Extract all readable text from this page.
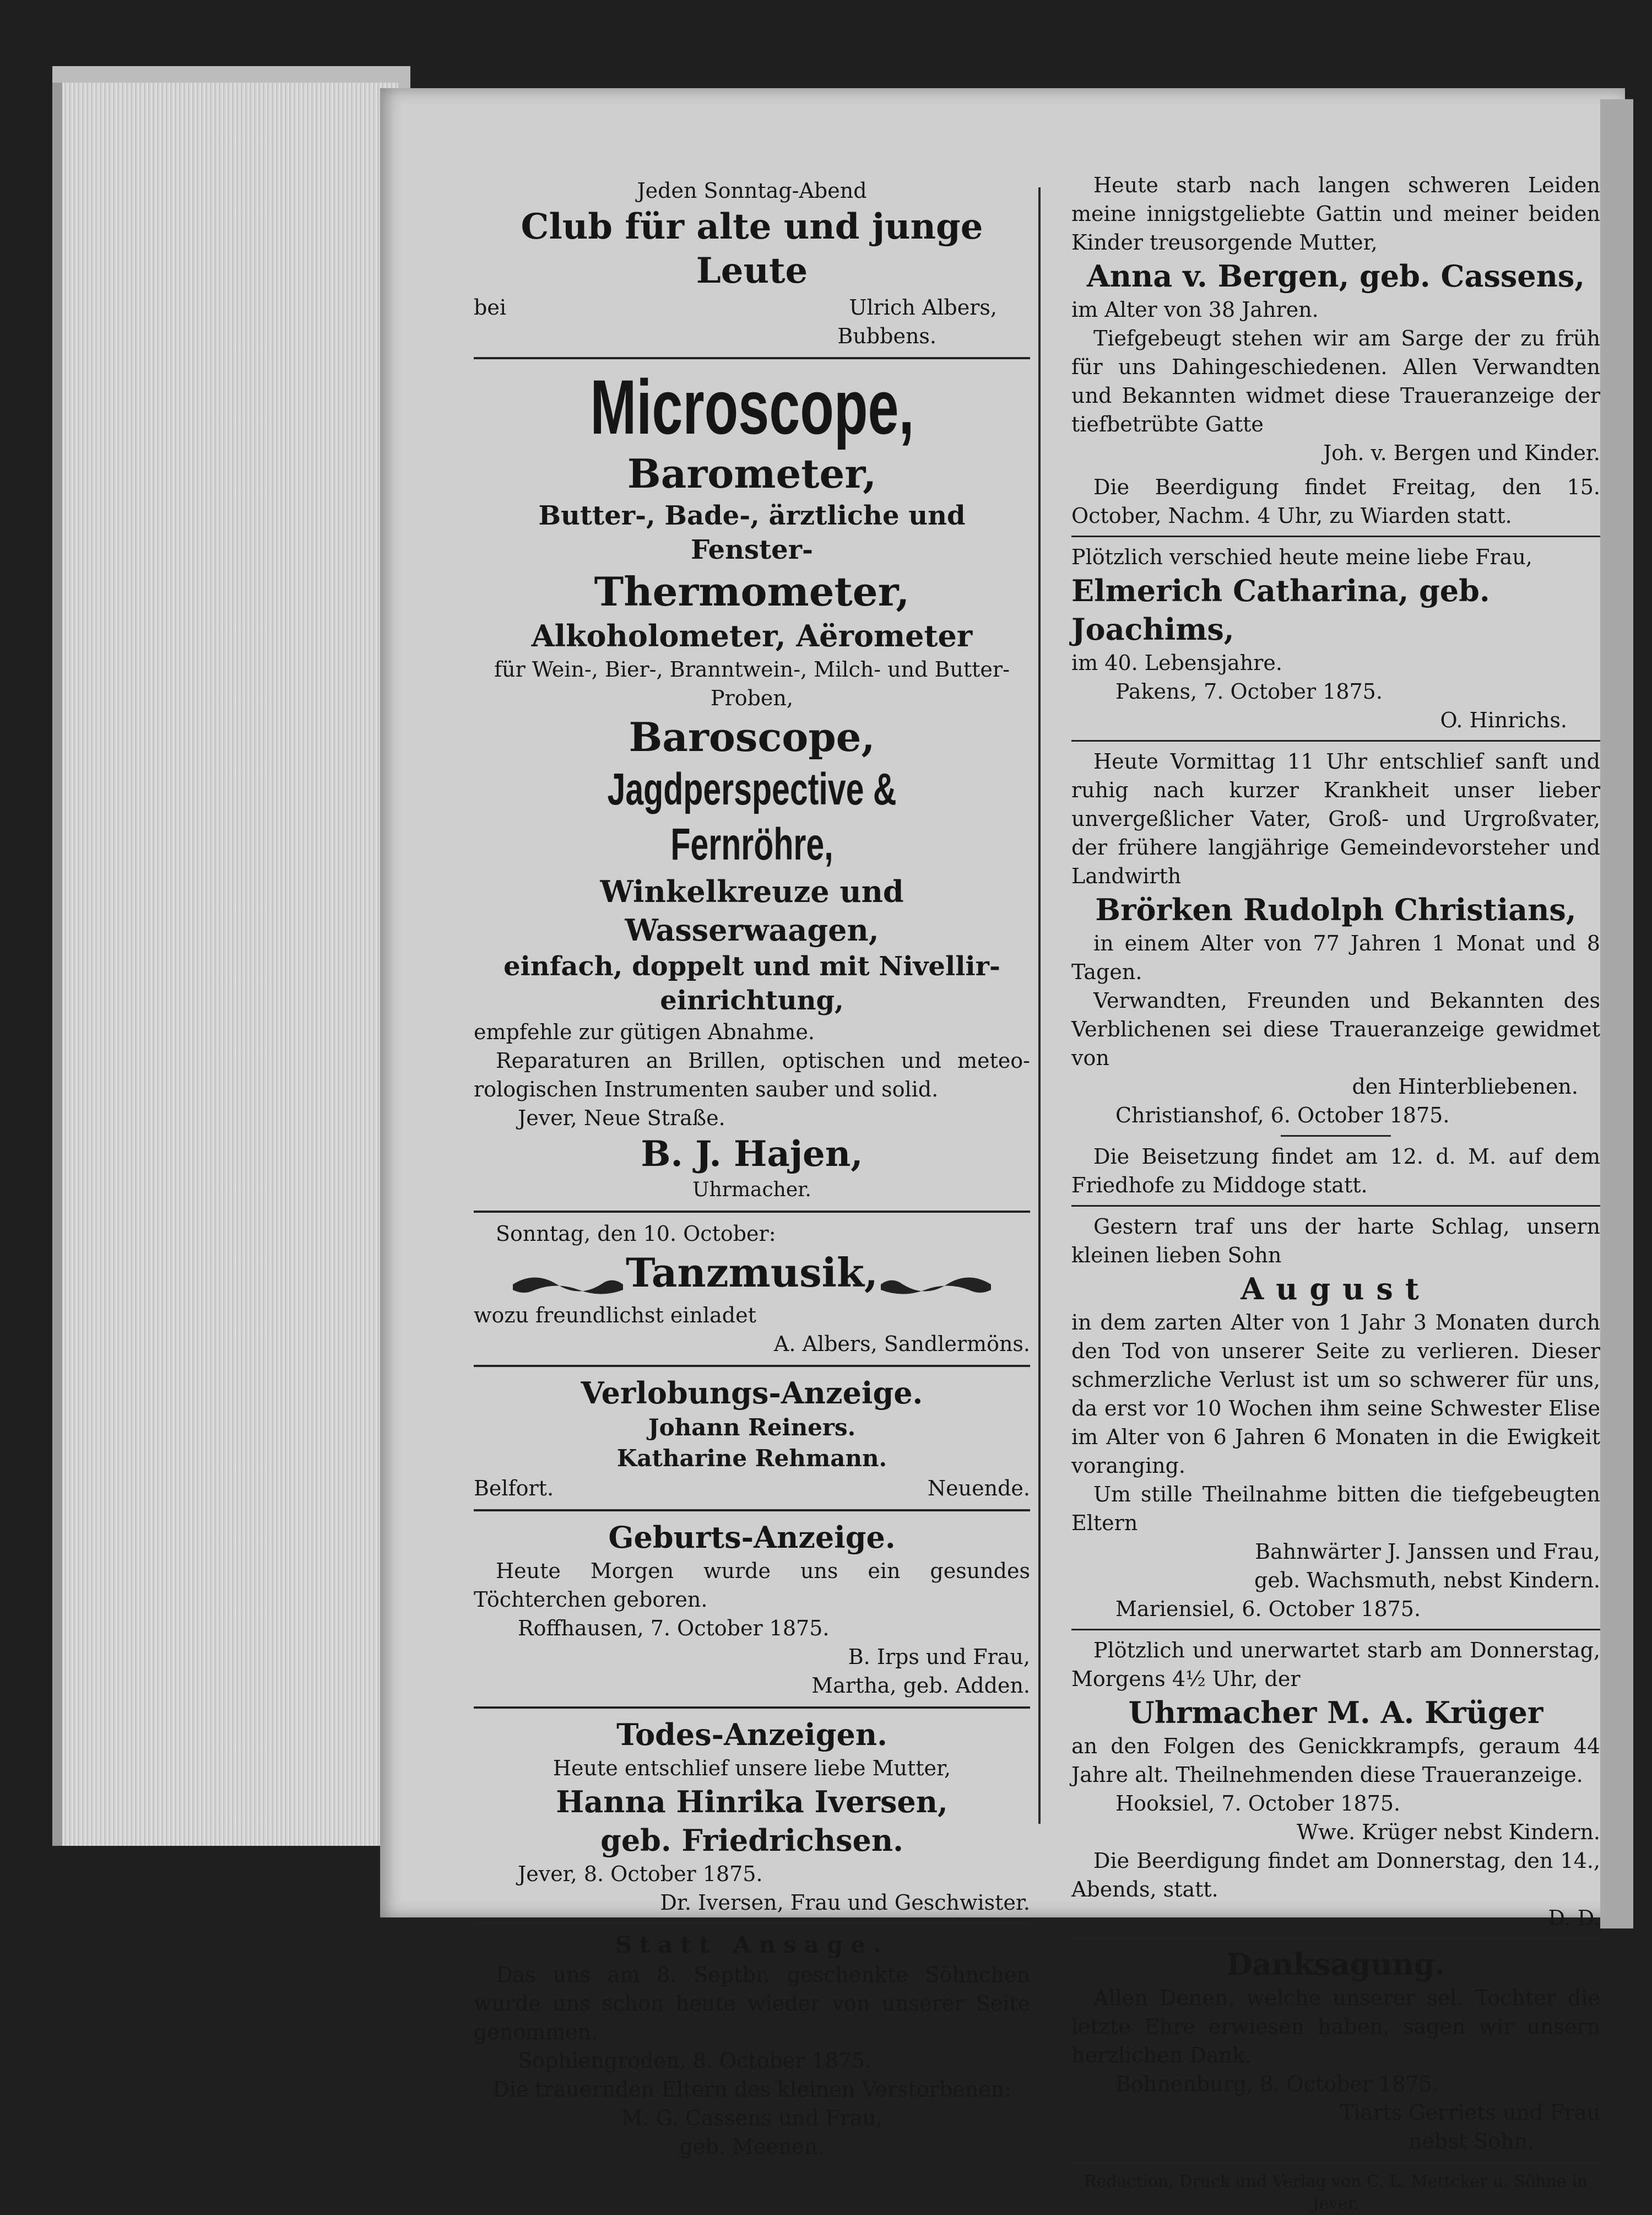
Jeden Sonntag-Abend

Club für alte und junge Leute

bei	Ulrich Albers,

Bubbens.

Microscope,

Barometer,

Butter-, Bade-, ärztliche und Fenster-

Thermometer,

Alkoholometer, Aërometer

für Wein-, Bier-, Branntwein-, Milch- und Butter-

Proben,

Baroscope,

Jagdperspective & Fernröhre,

Winkelkreuze und Wasserwaagen,

einfach, doppelt und mit Nivellir-

einrichtung,

empfehle zur gütigen Abnahme.

Reparaturen an Brillen, optischen und meteo-rologischen Instrumenten sauber und solid.

Jever, Neue Straße.

B. J. Hajen,

Uhrmacher.

Sonntag, den 10. October:

Tanzmusik,

wozu freundlichst einladet

A. Albers, Sandlermöns.

Verlobungs-Anzeige.

Johann Reiners.

Katharine Rehmann.

Belfort.	Neuende.

Geburts-Anzeige.

Heute Morgen wurde uns ein gesundes Töchterchen geboren.

Roffhausen, 7. October 1875.

B. Irps und Frau,

Martha, geb. Adden.

Todes-Anzeigen.

Heute entschlief unsere liebe Mutter,

Hanna Hinrika Iversen,

geb. Friedrichsen.

Jever, 8. October 1875.

Dr. Iversen, Frau und Geschwister.

Statt Ansage.

Das uns am 8. Septbr. geschenkte Söhnchen wurde uns schon heute wieder von unserer Seite genommen.

Sophiengroden, 8. October 1875.

Die trauernden Eltern des kleinen Verstorbenen:

M. G. Cassens und Frau,

geb. Meenen.

Heute starb nach langen schweren Leiden meine innigstgeliebte Gattin und meiner beiden Kinder treusorgende Mutter,

Anna v. Bergen, geb. Cassens,

im Alter von 38 Jahren.

Tiefgebeugt stehen wir am Sarge der zu früh für uns Dahingeschiedenen. Allen Verwandten und Bekannten widmet diese Traueranzeige der tiefbetrübte Gatte

Joh. v. Bergen und Kinder.

Die Beerdigung findet Freitag, den 15. October, Nachm. 4 Uhr, zu Wiarden statt.

Plötzlich verschied heute meine liebe Frau,

Elmerich Catharina, geb. Joachims,

im 40. Lebensjahre.

Pakens, 7. October 1875.

O. Hinrichs.

Heute Vormittag 11 Uhr entschlief sanft und ruhig nach kurzer Krankheit unser lieber unvergeßlicher Vater, Groß- und Urgroßvater, der frühere langjährige Gemeindevorsteher und Landwirth

Brörken Rudolph Christians,

in einem Alter von 77 Jahren 1 Monat und 8 Tagen.

Verwandten, Freunden und Bekannten des Verblichenen sei diese Traueranzeige gewidmet von

den Hinterbliebenen.

Christianshof, 6. October 1875.

Die Beisetzung findet am 12. d. M. auf dem Friedhofe zu Middoge statt.

Gestern traf uns der harte Schlag, unsern kleinen lieben Sohn

August

in dem zarten Alter von 1 Jahr 3 Monaten durch den Tod von unserer Seite zu verlieren. Dieser schmerzliche Verlust ist um so schwerer für uns, da erst vor 10 Wochen ihm seine Schwester Elise im Alter von 6 Jahren 6 Monaten in die Ewigkeit voranging.

Um stille Theilnahme bitten die tiefgebeugten Eltern

Bahnwärter J. Janssen und Frau,

geb. Wachsmuth, nebst Kindern.

Mariensiel, 6. October 1875.

Plötzlich und unerwartet starb am Donnerstag, Morgens 4½ Uhr, der

Uhrmacher M. A. Krüger

an den Folgen des Genickkrampfs, geraum 44 Jahre alt. Theilnehmenden diese Traueranzeige.

Hooksiel, 7. October 1875.

Wwe. Krüger nebst Kindern.

Die Beerdigung findet am Donnerstag, den 14., Abends, statt.

D. D.

Danksagung.

Allen Denen, welche unserer sel. Tochter die letzte Ehre erwiesen haben, sagen wir unsern herzlichen Dank.

Bohnenburg, 8. October 1875.

Tiarts Gerriets und Frau

nebst Sohn.

Redaction, Druck und Verlag von C. L. Mettcker u. Söhne in Jever.
